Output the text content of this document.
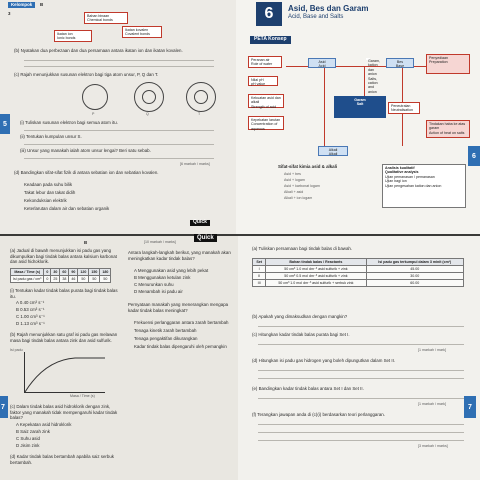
Kelompok	B
3	Bahan binaan
Chemical bonds
Ikatan ion
Ionic bonds
Ikatan kovalen
Covalent bonds
(b) Nyatakan dua perbezaan dan dua persamaan antara ikatan ion dan ikatan kovalen.
(c) Rajah menunjukkan susunan elektron bagi tiga atom unsur, P, Q dan T.
P	Q	T
(i) Tuliskan susunan elektron bagi semua atom itu.
(ii) Tentukan kumpulan unsur S.
(iii) Unsur yang manakah ialah atom unsur lengai? Beri satu sebab.
[6 markah / marks]
(d) Bandingkan sifat-sifat fizik di antara sebatian ion dan sebatian kovalen.
Keadaan pada suhu bilik
Takat lebur dan takat didih
Kekonduksian elektrik
Keterlarutan dalam air dan sebatian organik
5
Quick
6	Asid, Bes dan Garam
Acid, Base and Salts
PETA Konsep
Peranan air
Role of water
Asid
Acid
Bes
Base
Nilai pH
pH value
Kekuatan asid dan alkali
Strength of acid
Garam
Salt	Peneutralan
Neutralisation
Kepekatan larutan
Concentration of aqueous
Penyediaan
Preparation
Tindakan haba ke atas garam
Action of heat on salts
Alkali
Alkali
Garam, dan anion
Salts, cation and anion
Sifat-sifat kimia asid & alkali
Asid + bes
Asid + logam
Asid + karbonat logam
Alkali + asid
Alkali + ion logam
Analisis kualitatif
Qualitative analysis
Ujian pemanasan / pemanasan
Ujian bagi ion
Ujian pengesahan kation dan anion
6
B	[10 markah / marks]
Quick
(a) Jadual di bawah menunjukkan isi padu gas yang dikumpulkan bagi tindak balas antara kalsium karbonat dan asid hidroklorik.
Masa / Time (s)	0	30	60	90	120	150	180
Isi padu gas / cm³	0	25	38	46	50	50	50
(i) Tentukan kadar tindak balas purata bagi tindak balas itu.
A 0.40 cm³ s⁻¹
B 0.53 cm³ s⁻¹
C 1.00 cm³ s⁻¹
D 1.13 cm³ s⁻¹
(b) Rajah menunjukkan satu graf isi padu gas melawan masa bagi tindak balas antara zink dan asid sulfurik.
Masa / Time (s)
Isi padu
(c) Dalam tindak balas asid hidroklorik dengan zink, faktor yang manakah tidak mempengaruhi kadar tindak balas?
A Kepekatan asid hidroklorik
B Saiz zarah zink
C Suhu asid
D Jisim zink
(d) Kadar tindak balas bertambah apabila saiz serbuk bertambah.
Antara langkah-langkah berikut, yang manakah akan meningkatkan kadar tindak balas?
A Menggunakan asid yang lebih pekat
B Menggunakan ketulan zink
C Menurunkan suhu
D Menambah isi padu air
Pernyataan manakah yang menerangkan mengapa kadar tindak balas meningkat?
Frekuensi perlanggaran antara zarah bertambah
Tenaga kinetik zarah bertambah
Tenaga pengaktifan dikurangkan
Kadar tindak balas dipengaruhi oleh pemangkin
7
(a) Tuliskan persamaan bagi tindak balas di bawah.
Set	Bahan tindak balas / Reactants	Isi padu gas terkumpul dalam 3 minit (cm³)
I	50 cm³ 1.0 mol dm⁻³ asid sulfurik + zink	45.00
II	50 cm³ 0.5 mol dm⁻³ asid sulfurik + zink	30.00
III	50 cm³ 1.0 mol dm⁻³ asid sulfurik + serbuk zink	60.00
(b) Apakah yang dimaksudkan dengan mangkin?
(c) Hitungkan kadar tindak balas purata bagi Set I.
[1 markah / mark]
(d) Hitungkan isi padu gas hidrogen yang boleh dipungutkan dalam Set II.
(e) Bandingkan kadar tindak balas antara Set I dan Set II.
[1 markah / mark]
(f) Terangkan jawapan anda di (c)(i) berdasarkan teori perlanggaran.
[3 markah / marks]
7
